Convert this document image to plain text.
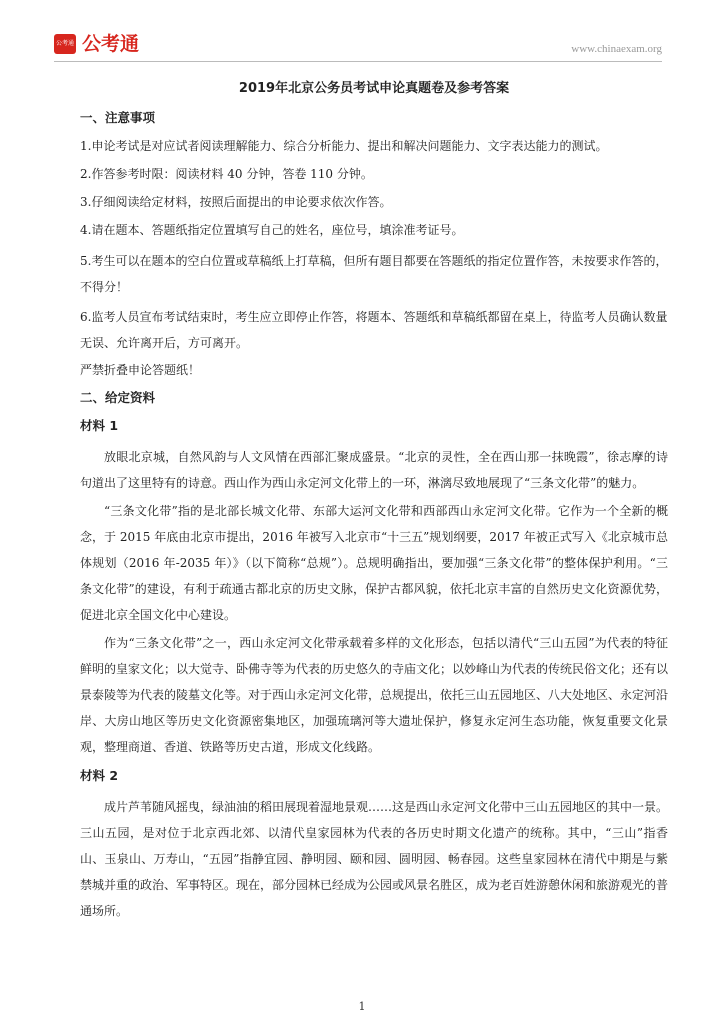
公考通 公考通	www.chinaexam.org
2019年北京公务员考试申论真题卷及参考答案
一、注意事项
1.申论考试是对应试者阅读理解能力、综合分析能力、提出和解决问题能力、文字表达能力的测试。
2.作答参考时限：阅读材料 40 分钟，答卷 110 分钟。
3.仔细阅读给定材料，按照后面提出的申论要求依次作答。
4.请在题本、答题纸指定位置填写自己的姓名，座位号，填涂准考证号。
5.考生可以在题本的空白位置或草稿纸上打草稿，但所有题目都要在答题纸的指定位置作答，未按要求作答的，不得分！
6.监考人员宣布考试结束时，考生应立即停止作答，将题本、答题纸和草稿纸都留在桌上，待监考人员确认数量无误、允许离开后，方可离开。
严禁折叠申论答题纸！
二、给定资料
材料 1
放眼北京城，自然风韵与人文风情在西部汇聚成盛景。“北京的灵性，全在西山那一抹晚霞”，徐志摩的诗句道出了这里特有的诗意。西山作为西山永定河文化带上的一环，淋漓尽致地展现了“三条文化带”的魅力。
“三条文化带”指的是北部长城文化带、东部大运河文化带和西部西山永定河文化带。它作为一个全新的概念，于 2015 年底由北京市提出，2016 年被写入北京市“十三五”规划纲要，2017 年被正式写入《北京城市总体规划（2016 年-2035 年）》（以下简称“总规”）。总规明确指出，要加强“三条文化带”的整体保护利用。“三条文化带”的建设，有利于疏通古都北京的历史文脉，保护古都风貌，依托北京丰富的自然历史文化资源优势，促进北京全国文化中心建设。
作为“三条文化带”之一，西山永定河文化带承载着多样的文化形态，包括以清代“三山五园”为代表的特征鲜明的皇家文化；以大觉寺、卧佛寺等为代表的历史悠久的寺庙文化；以妙峰山为代表的传统民俗文化；还有以景泰陵等为代表的陵墓文化等。对于西山永定河文化带，总规提出，依托三山五园地区、八大处地区、永定河沿岸、大房山地区等历史文化资源密集地区，加强琉璃河等大遗址保护，修复永定河生态功能，恢复重要文化景观，整理商道、香道、铁路等历史古道，形成文化线路。
材料 2
成片芦苇随风摇曳，绿油油的稻田展现着湿地景观……这是西山永定河文化带中三山五园地区的其中一景。三山五园，是对位于北京西北郊、以清代皇家园林为代表的各历史时期文化遗产的统称。其中，“三山”指香山、玉泉山、万寿山，“五园”指静宜园、静明园、颐和园、圆明园、畅春园。这些皇家园林在清代中期是与紫禁城并重的政治、军事特区。现在，部分园林已经成为公园或风景名胜区，成为老百姓游憩休闲和旅游观光的普通场所。
1
